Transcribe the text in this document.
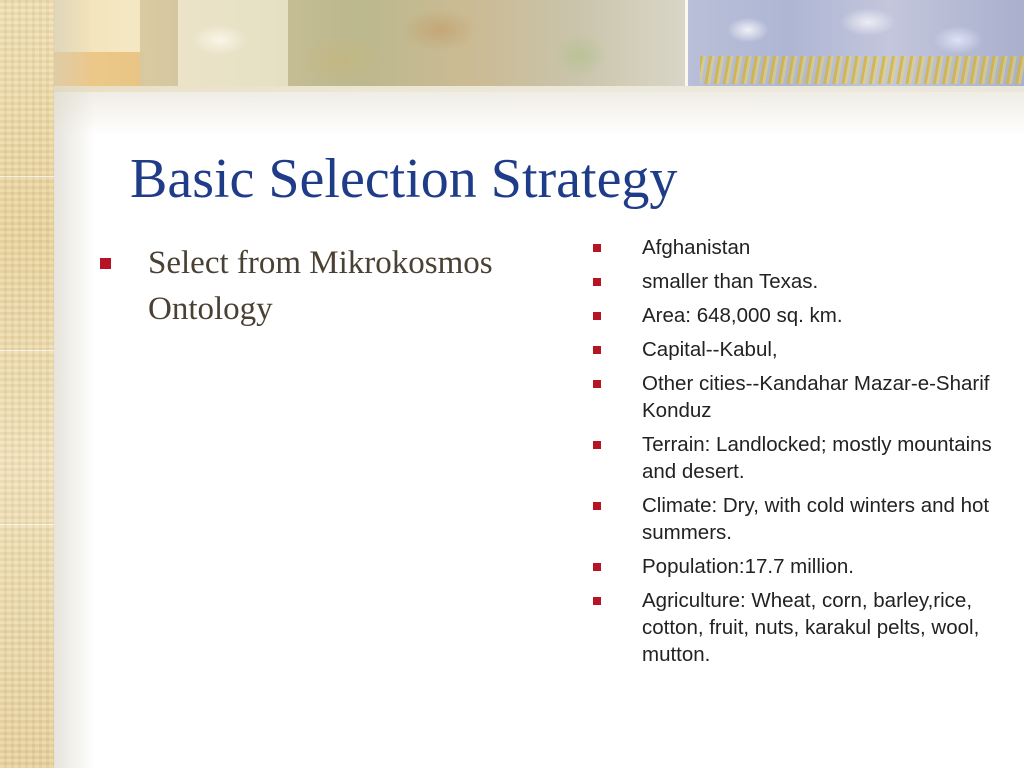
Basic Selection Strategy
Select from Mikrokosmos Ontology
Afghanistan
smaller than Texas.
Area: 648,000 sq. km.
Capital--Kabul,
Other cities--Kandahar Mazar-e-Sharif Konduz
Terrain: Landlocked; mostly mountains and desert.
Climate: Dry, with cold winters and hot summers.
Population:17.7 million.
Agriculture: Wheat, corn, barley,rice, cotton, fruit, nuts, karakul pelts, wool, mutton.
